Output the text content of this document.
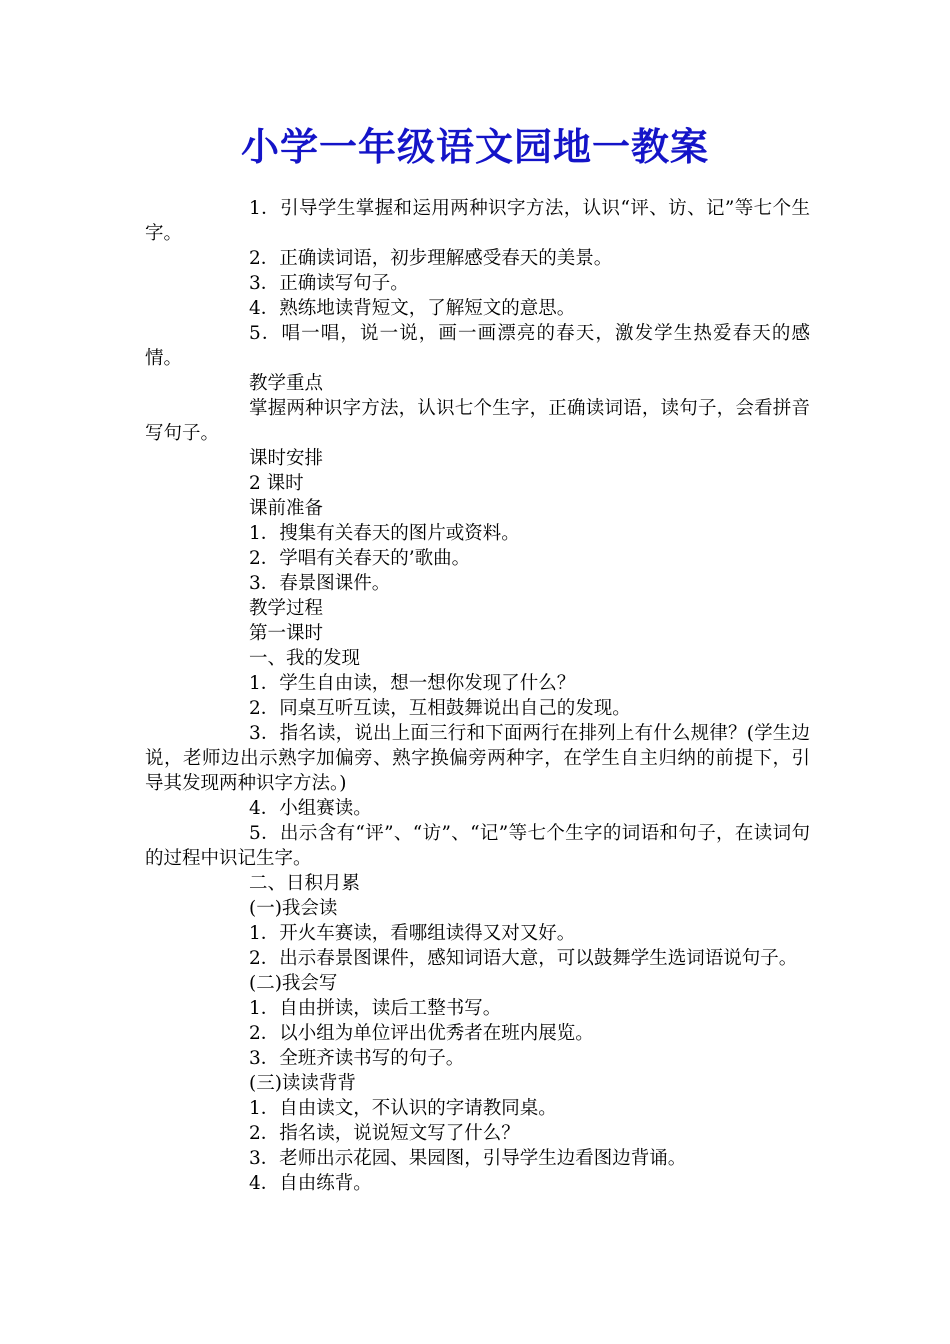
小学一年级语文园地一教案

1．引导学生掌握和运用两种识字方法，认识“评、访、记”等七个生字。

2．正确读词语，初步理解感受春天的美景。

3．正确读写句子。

4．熟练地读背短文，了解短文的意思。

5．唱一唱，说一说，画一画漂亮的春天，激发学生热爱春天的感情。

教学重点

掌握两种识字方法，认识七个生字，正确读词语，读句子，会看拼音写句子。

课时安排

2 课时

课前准备

1．搜集有关春天的图片或资料。

2．学唱有关春天的’歌曲。

3．春景图课件。

教学过程

第一课时

一、我的发现

1．学生自由读，想一想你发现了什么？

2．同桌互听互读，互相鼓舞说出自己的发现。

3．指名读，说出上面三行和下面两行在排列上有什么规律？(学生边说，老师边出示熟字加偏旁、熟字换偏旁两种字，在学生自主归纳的前提下，引导其发现两种识字方法。)

4．小组赛读。

5．出示含有“评”、“访”、“记”等七个生字的词语和句子，在读词句的过程中识记生字。

二、日积月累

(一)我会读

1．开火车赛读，看哪组读得又对又好。

2．出示春景图课件，感知词语大意，可以鼓舞学生选词语说句子。

(二)我会写

1．自由拼读，读后工整书写。

2．以小组为单位评出优秀者在班内展览。

3．全班齐读书写的句子。

(三)读读背背

1．自由读文，不认识的字请教同桌。

2．指名读，说说短文写了什么？

3．老师出示花园、果园图，引导学生边看图边背诵。

4．自由练背。
